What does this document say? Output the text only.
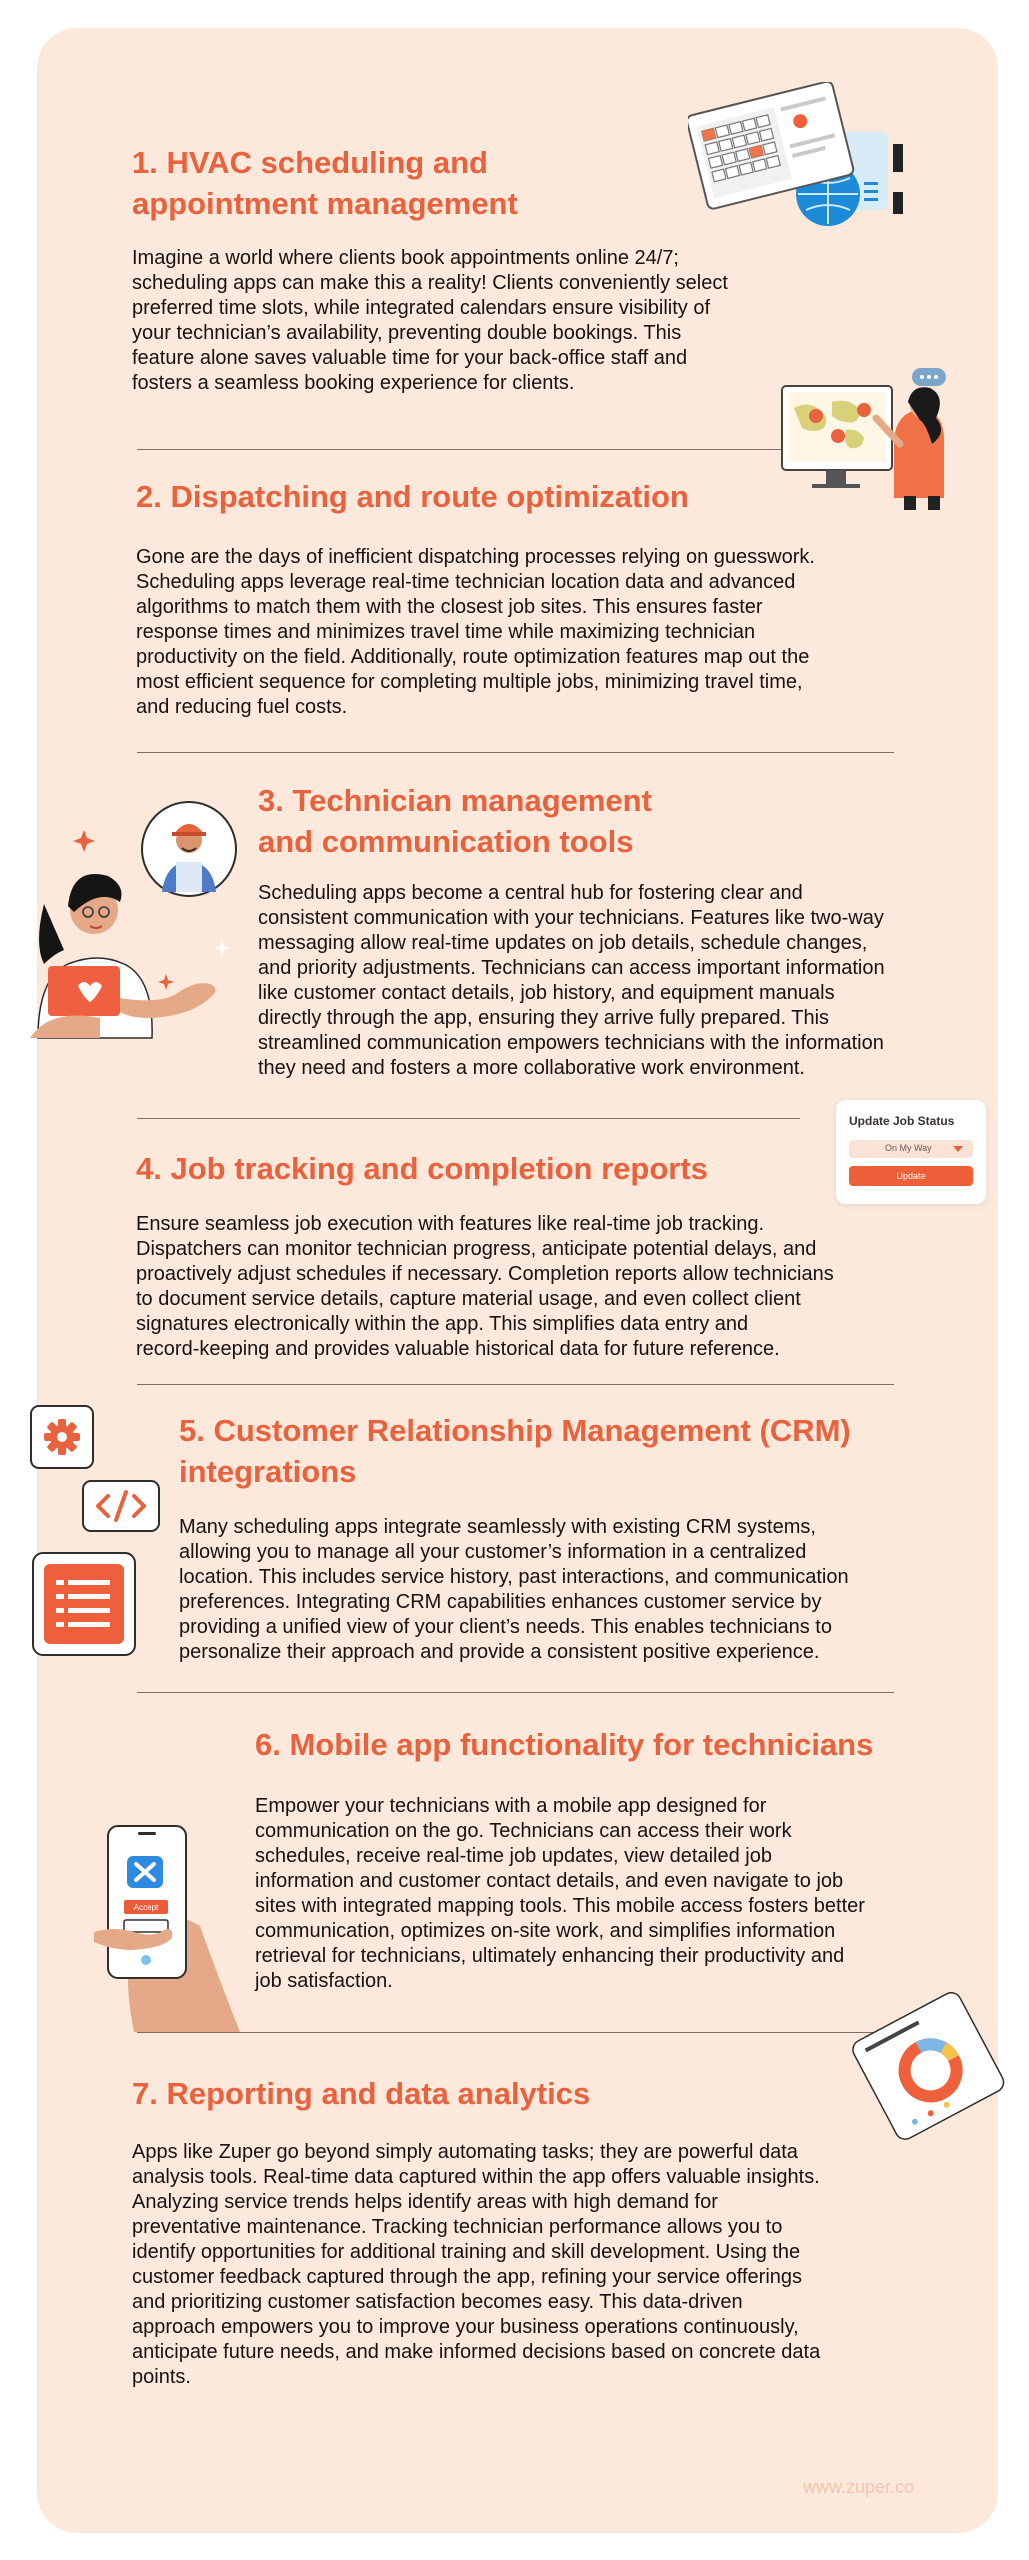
1. HVAC scheduling and
appointment management
Imagine a world where clients book appointments online 24/7;
scheduling apps can make this a reality! Clients conveniently select
preferred time slots, while integrated calendars ensure visibility of
your technician’s availability, preventing double bookings. This
feature alone saves valuable time for your back-office staff and
fosters a seamless booking experience for clients.
2. Dispatching and route optimization
Gone are the days of inefficient dispatching processes relying on guesswork.
Scheduling apps leverage real-time technician location data and advanced
algorithms to match them with the closest job sites. This ensures faster
response times and minimizes travel time while maximizing technician
productivity on the field. Additionally, route optimization features map out the
most efficient sequence for completing multiple jobs, minimizing travel time,
and reducing fuel costs.
3. Technician management
and communication tools
Scheduling apps become a central hub for fostering clear and
consistent communication with your technicians. Features like two-way
messaging allow real-time updates on job details, schedule changes,
and priority adjustments. Technicians can access important information
like customer contact details, job history, and equipment manuals
directly through the app, ensuring they arrive fully prepared. This
streamlined communication empowers technicians with the information
they need and fosters a more collaborative work environment.
Update Job Status
On My Way
Update
4. Job tracking and completion reports
Ensure seamless job execution with features like real-time job tracking.
Dispatchers can monitor technician progress, anticipate potential delays, and
proactively adjust schedules if necessary. Completion reports allow technicians
to document service details, capture material usage, and even collect client
signatures electronically within the app. This simplifies data entry and
record-keeping and provides valuable historical data for future reference.
5. Customer Relationship Management (CRM)
integrations
Many scheduling apps integrate seamlessly with existing CRM systems,
allowing you to manage all your customer’s information in a centralized
location. This includes service history, past interactions, and communication
preferences. Integrating CRM capabilities enhances customer service by
providing a unified view of your client’s needs. This enables technicians to
personalize their approach and provide a consistent positive experience.
Accept
6. Mobile app functionality for technicians
Empower your technicians with a mobile app designed for
communication on the go. Technicians can access their work
schedules, receive real-time job updates, view detailed job
information and customer contact details, and even navigate to job
sites with integrated mapping tools. This mobile access fosters better
communication, optimizes on-site work, and simplifies information
retrieval for technicians, ultimately enhancing their productivity and
job satisfaction.
7. Reporting and data analytics
Apps like Zuper go beyond simply automating tasks; they are powerful data
analysis tools. Real-time data captured within the app offers valuable insights.
Analyzing service trends helps identify areas with high demand for
preventative maintenance. Tracking technician performance allows you to
identify opportunities for additional training and skill development. Using the
customer feedback captured through the app, refining your service offerings
and prioritizing customer satisfaction becomes easy. This data-driven
approach empowers you to improve your business operations continuously,
anticipate future needs, and make informed decisions based on concrete data
points.
www.zuper.co
